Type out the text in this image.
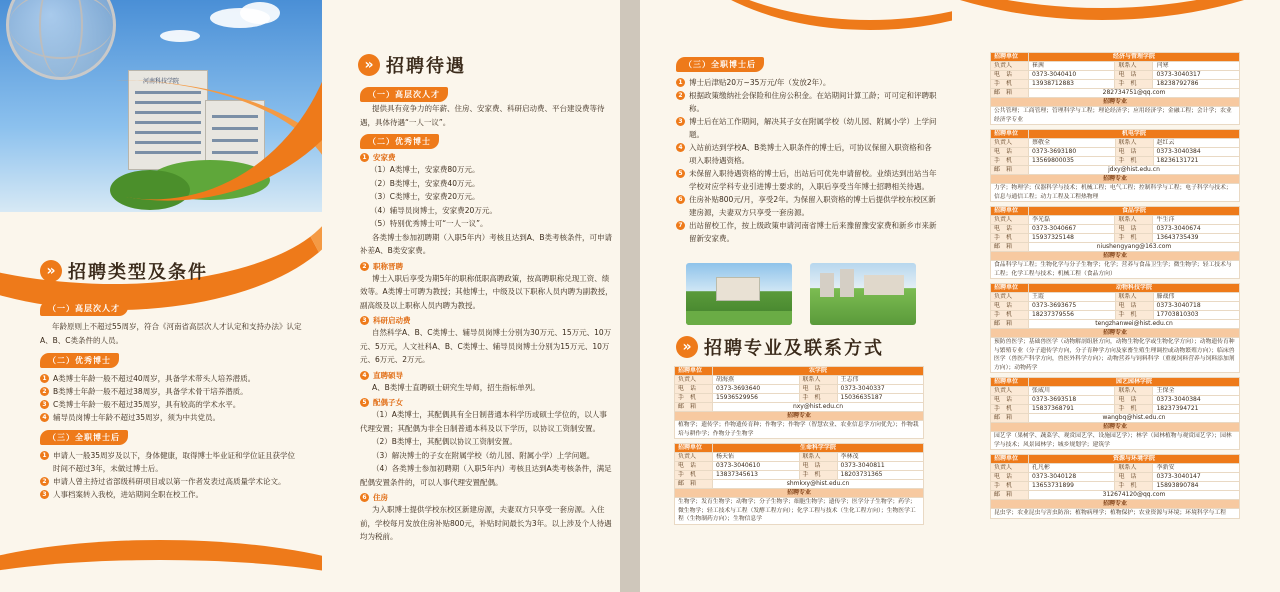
河南科技学院
» 招聘类型及条件
（一）高层次人才

年龄原则上不超过55周岁，符合《河南省高层次人才认定和支持办法》认定A、B、C类条件的人员。

（二）优秀博士
1 A类博士年龄一般不超过40周岁，具备学术带头人培养潜质。
2 B类博士年龄一般不超过38周岁，具备学术骨干培养潜质。
3 C类博士年龄一般不超过35周岁，具有较高的学术水平。
4 辅导员岗博士年龄不超过35周岁，须为中共党员。
（三）全职博士后
1 申请人一般35周岁及以下，身体健康，取得博士毕业证和学位证且获学位时间不超过3年，未做过博士后。
2 申请人曾主持过省部级科研项目或以第一作者发表过高质量学术论文。
3 人事档案转入我校，进站期间全职在校工作。
» 招聘待遇
（一）高层次人才

提供具有竞争力的年薪、住房、安家费、科研启动费、平台建设费等待遇，具体待遇“一人一议”。

（二）优秀博士
1 安家费
（1）A类博士，安家费80万元。
（2）B类博士，安家费40万元。
（3）C类博士，安家费20万元。
（4）辅导员岗博士，安家费20万元。
（5）特别优秀博士可“一人一议”。

各类博士参加初聘期（入职5年内）考核且达到A、B类考核条件，可申请补差A、B类安家费。

2 职称晋聘

博士入职后享受为期5年的职称低职高聘政策，按高聘职称兑现工资、绩效等。A类博士可聘为教授；其他博士，中级及以下职称人员内聘为副教授，副高级及以上职称人员内聘为教授。

3 科研启动费

自然科学A、B、C类博士、辅导员岗博士分别为30万元、15万元、10万元、5万元，人文社科A、B、C类博士、辅导员岗博士分别为15万元、10万元、6万元、2万元。

4 直聘硕导

A、B类博士直聘硕士研究生导师，招生指标单列。

5 配偶子女

（1）A类博士，其配偶具有全日制普通本科学历或硕士学位的，以人事代理安置；其配偶为非全日制普通本科及以下学历，以协议工资制安置。

（2）B类博士，其配偶以协议工资制安置。

（3）解决博士的子女在附属学校（幼儿园、附属小学）上学问题。

（4）各类博士参加初聘期（入职5年内）考核且达到A类考核条件，满足配偶安置条件的，可以人事代理安置配偶。

6 住房

为入职博士提供学校东校区新建房源，夫妻双方只享受一套房源。入住前，学校每月发放住房补贴800元，补贴时间最长为3年。以上涉及个人待遇均为税前。

（三）全职博士后
1 博士后津贴20万~35万元/年（发放2年）。
2 根据政策缴纳社会保险和住房公积金。在站期间计算工龄；可可定和评聘职称。
3 博士后在站工作期间，解决其子女在附属学校（幼儿园、附属小学）上学问题。
4 入站前达到学校A、B类博士入职条件的博士后，可协议保留入职资格和各项入职待遇资格。
5 未保留入职待遇资格的博士后，出站后可优先申请留校。业绩达到出站当年学校对应学科专业引进博士要求的，入职后享受当年博士招聘相关待遇。
6 住房补贴800元/月，享受2年。为保留入职资格的博士后提供学校东校区新建房源，夫妻双方只享受一套房源。
7 出站留校工作，按上级政策申请河南省博士后来豫留豫安家费和新乡市来新留新安家费。
» 招聘专业及联系方式
招聘单位	农学院		
负责人	胡海燕	联系人	王志伟
电　话	0373-3693640	电　话	0373-3040337
手　机	15936529956	手　机	15036635187
邮　箱	nxy@hist.edu.cn		
招聘专业			
植物学；遗传学；作物遗传育种；作物学；作物学（智慧农业、农业信息学方向优先）；作物栽培与耕作学；作物分子生物学			
招聘单位	生命科学学院		
负责人	杨天佑	联系人	李林茂
电　话	0373-3040610	电　话	0373-3040811
手　机	13837345613	手　机	18203731365
邮　箱	shmkxy@hist.edu.cn		
招聘专业			
生物学；发育生物学；动物学；分子生物学；细胞生物学；遗传学；医学分子生物学；药学；微生物学；轻工技术与工程（发酵工程方向）；化学工程与技术（生化工程方向）；生物医学工程（生物制药方向）；生物信息学			
招聘单位	经济与管理学院		
负责人	崔茜	联系人	闫寒
电　话	0373-3040410	电　话	0373-3040317
手　机	13938712883	手　机	18238792786
邮　箱	282734751@qq.com		
招聘专业			
公共管理；工商管理；管理科学与工程；理论经济学；应用经济学；金融工程；会计学；农业经济学专业			
招聘单位	机电学院		
负责人	蔡敬全	联系人	赵红云
电　话	0373-3693180	电　话	0373-3040384
手　机	13569800035	手　机	18236131721
邮　箱	jdxy@hist.edu.cn		
招聘专业			
力学；物理学；仪器科学与技术；机械工程；电气工程；控制科学与工程；电子科学与技术；信息与通信工程；动力工程及工程热物理			
招聘单位	食品学院		
负责人	李光磊	联系人	牛生洋
电　话	0373-3040667	电　话	0373-3040674
手　机	15937325148	手　机	13643735439
邮　箱	niushengyang@163.com		
招聘专业			
食品科学与工程；生物化学与分子生物学；化学；营养与食品卫生学；微生物学；轻工技术与工程；化学工程与技术；机械工程（食品方向）			
招聘单位	动物科技学院		
负责人	王霞	联系人	滕战伟
电　话	0373-3693675	电　话	0373-3040718
手　机	18237379556	手　机	17703810303
邮　箱	tengzhanwei@hist.edu.cn		
招聘专业			
预防兽医学；基础兽医学（动物解剖组胚方向，动物生物化学或生物化学方向）；动物遗传育种与繁殖专业（分子遗传学方向，分子育种学方向及家畜生殖生理调控或动物繁殖方向）；临床兽医学（兽医产科学方向，兽医外科学方向）；动物营养与饲料科学（重视饲料营养与饲料添加剂方向）；动物药学			
招聘单位	园艺园林学院		
负责人	张威川	联系人	王保全
电　话	0373-3693518	电　话	0373-3040384
手　机	15837368791	手　机	18237394721
邮　箱	wangbq@hist.edu.cn		
招聘专业			
园艺学（果树学、蔬菜学、观赏园艺学、设施园艺学）；林学（园林植物与观赏园艺学）；园林学与技术；风景园林学；城乡规划学；建筑学			
招聘单位	资源与环境学院		
负责人	孔凡彬	联系人	李新安
电　话	0373-3040128	电　话	0373-3040147
手　机	13653731899	手　机	15893890784
邮　箱	312674120@qq.com		
招聘专业			
昆虫学；农业昆虫与害虫防治；植物病理学；植物保护；农业资源与环境；环境科学与工程			
